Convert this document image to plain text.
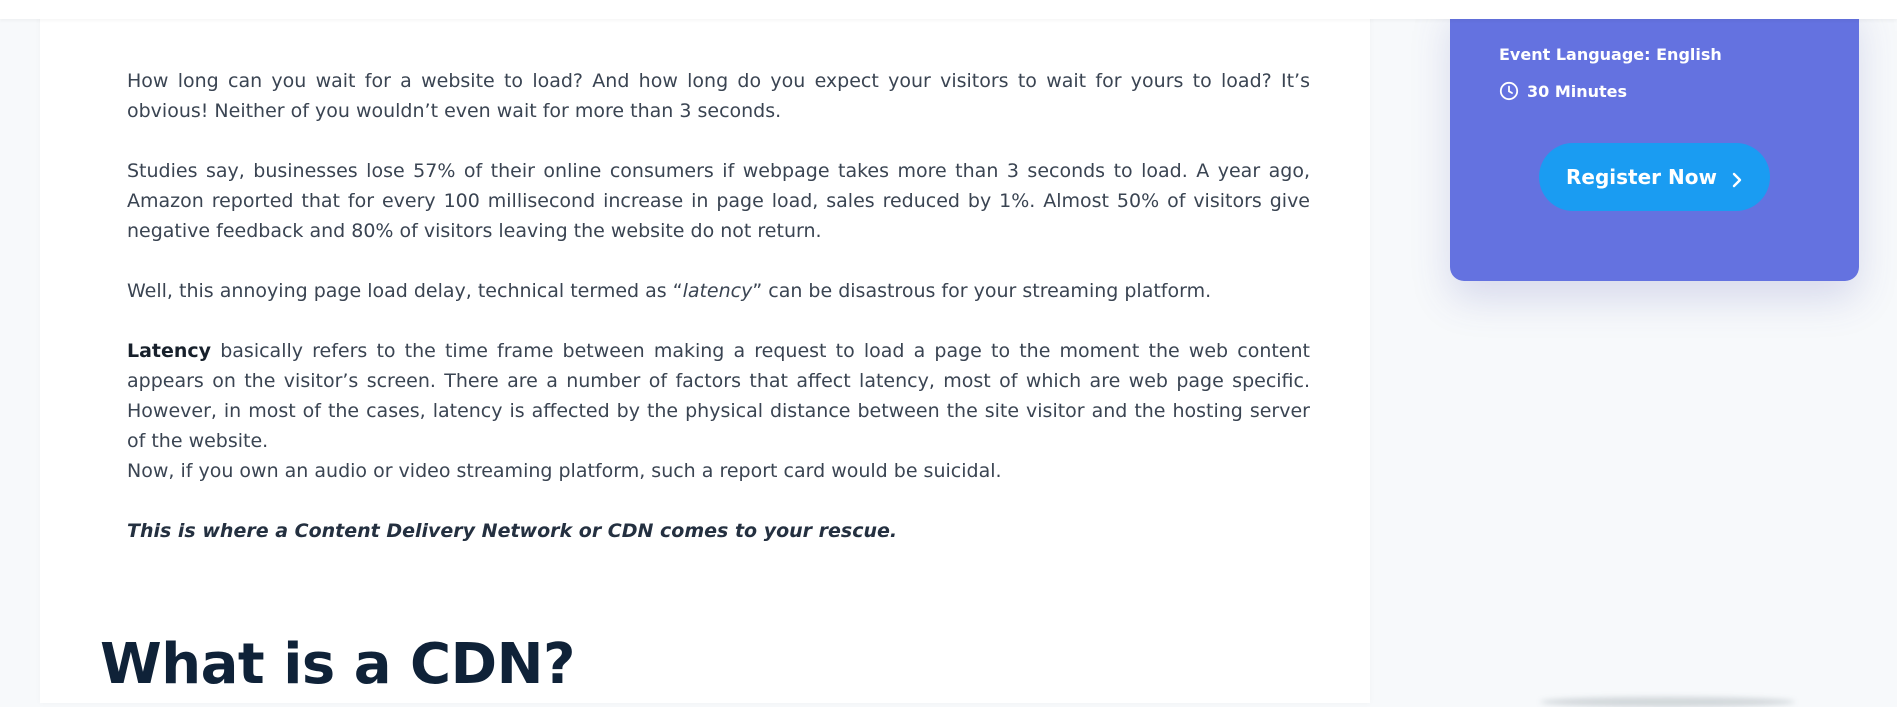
How long can you wait for a website to load? And how long do you expect your visitors to wait for yours to load? It’s obvious! Neither of you wouldn’t even wait for more than 3 seconds.

Studies say, businesses lose 57% of their online consumers if webpage takes more than 3 seconds to load. A year ago, Amazon reported that for every 100 millisecond increase in page load, sales reduced by 1%. Almost 50% of visitors give negative feedback and 80% of visitors leaving the website do not return.

Well, this annoying page load delay, technical termed as “latency” can be disastrous for your streaming platform.

Latency basically refers to the time frame between making a request to load a page to the moment the web content appears on the visitor’s screen. There are a number of factors that affect latency, most of which are web page specific. However, in most of the cases, latency is affected by the physical distance between the site visitor and the hosting server of the website.

Now, if you own an audio or video streaming platform, such a report card would be suicidal.

This is where a Content Delivery Network or CDN comes to your rescue.

What is a CDN?
Event Language: English
30 Minutes
Register Now
